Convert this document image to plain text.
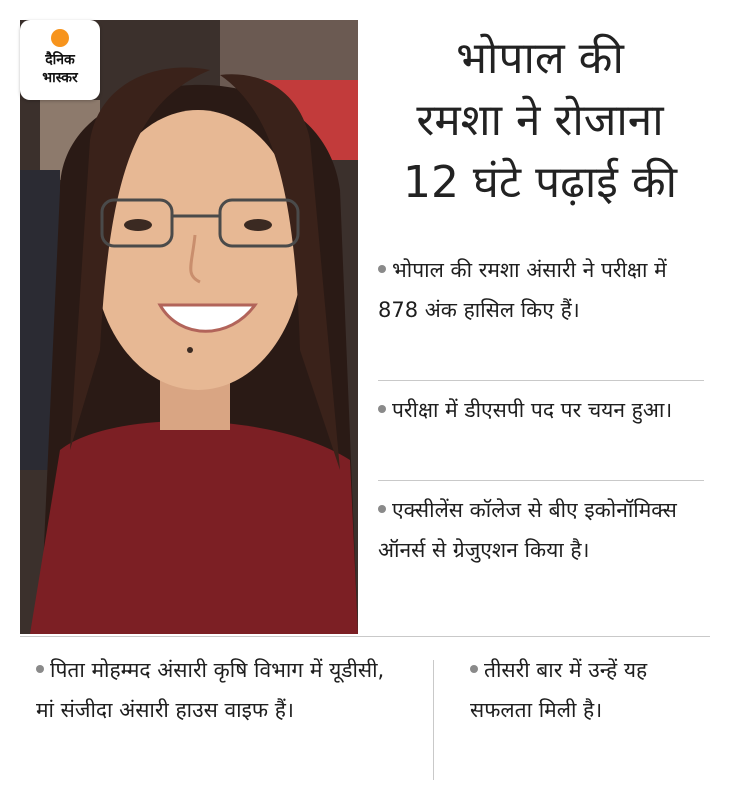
दैनिक
भास्कर	भोपाल की
रमशा ने रोजाना
12 घंटे पढ़ाई की
भोपाल की रमशा अंसारी ने परीक्षा में 878 अंक हासिल किए हैं।
परीक्षा में डीएसपी पद पर चयन हुआ।
एक्सीलेंस कॉलेज से बीए इकोनॉमिक्स ऑनर्स से ग्रेजुएशन किया है।
पिता मोहम्मद अंसारी कृषि विभाग में यूडीसी, मां संजीदा अंसारी हाउस वाइफ हैं।
तीसरी बार में उन्हें यह सफलता मिली है।
